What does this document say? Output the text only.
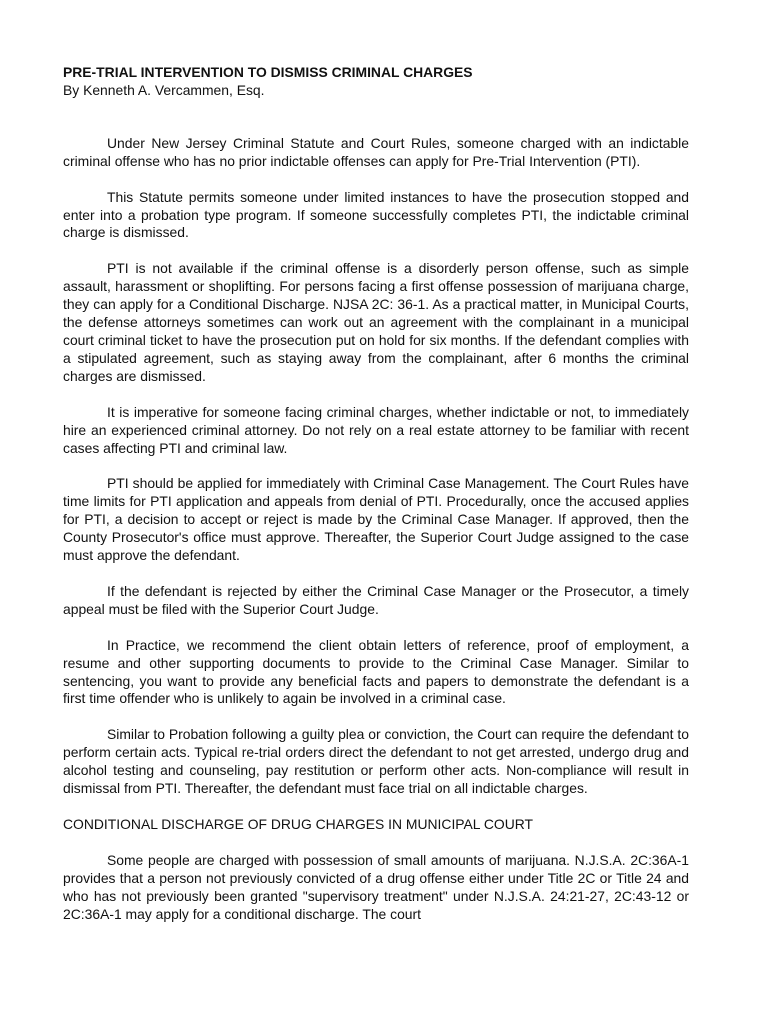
PRE-TRIAL INTERVENTION TO DISMISS CRIMINAL CHARGES

By Kenneth A. Vercammen, Esq.

Under New Jersey Criminal Statute and Court Rules, someone charged with an indictable criminal offense who has no prior indictable offenses can apply for Pre-Trial Intervention (PTI).

This Statute permits someone under limited instances to have the prosecution stopped and enter into a probation type program. If someone successfully completes PTI, the indictable criminal charge is dismissed.

PTI is not available if the criminal offense is a disorderly person offense, such as simple assault, harassment or shoplifting. For persons facing a first offense possession of marijuana charge, they can apply for a Conditional Discharge. NJSA 2C: 36-1. As a practical matter, in Municipal Courts, the defense attorneys sometimes can work out an agreement with the complainant in a municipal court criminal ticket to have the prosecution put on hold for six months. If the defendant complies with a stipulated agreement, such as staying away from the complainant, after 6 months the criminal charges are dismissed.

It is imperative for someone facing criminal charges, whether indictable or not, to immediately hire an experienced criminal attorney. Do not rely on a real estate attorney to be familiar with recent cases affecting PTI and criminal law.

PTI should be applied for immediately with Criminal Case Management. The Court Rules have time limits for PTI application and appeals from denial of PTI. Procedurally, once the accused applies for PTI, a decision to accept or reject is made by the Criminal Case Manager. If approved, then the County Prosecutor's office must approve. Thereafter, the Superior Court Judge assigned to the case must approve the defendant.

If the defendant is rejected by either the Criminal Case Manager or the Prosecutor, a timely appeal must be filed with the Superior Court Judge.

In Practice, we recommend the client obtain letters of reference, proof of employment, a resume and other supporting documents to provide to the Criminal Case Manager. Similar to sentencing, you want to provide any beneficial facts and papers to demonstrate the defendant is a first time offender who is unlikely to again be involved in a criminal case.

Similar to Probation following a guilty plea or conviction, the Court can require the defendant to perform certain acts. Typical re-trial orders direct the defendant to not get arrested, undergo drug and alcohol testing and counseling, pay restitution or perform other acts. Non-compliance will result in dismissal from PTI. Thereafter, the defendant must face trial on all indictable charges.

CONDITIONAL DISCHARGE OF DRUG CHARGES IN MUNICIPAL COURT

Some people are charged with possession of small amounts of marijuana. N.J.S.A. 2C:36A-1 provides that a person not previously convicted of a drug offense either under Title 2C or Title 24 and who has not previously been granted "supervisory treatment" under N.J.S.A. 24:21-27, 2C:43-12 or 2C:36A-1 may apply for a conditional discharge. The court
